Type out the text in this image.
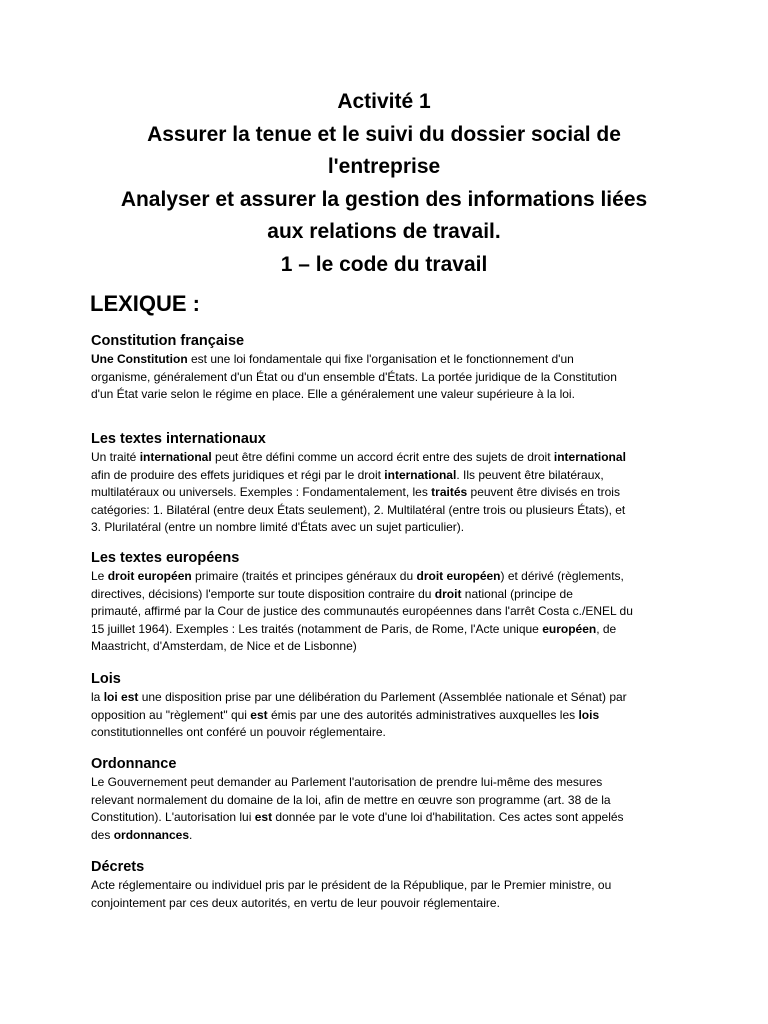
Activité 1
Assurer la tenue et le suivi du dossier social de
l'entreprise
Analyser et assurer la gestion des informations liées
aux relations de travail.
1 – le code du travail
LEXIQUE :
Constitution française

Une Constitution est une loi fondamentale qui fixe l'organisation et le fonctionnement d'un
organisme, généralement d'un État ou d'un ensemble d'États. La portée juridique de la Constitution
d'un État varie selon le régime en place. Elle a généralement une valeur supérieure à la loi.

Les textes internationaux

Un traité international peut être défini comme un accord écrit entre des sujets de droit international
afin de produire des effets juridiques et régi par le droit international. Ils peuvent être bilatéraux,
multilatéraux ou universels. Exemples : Fondamentalement, les traités peuvent être divisés en trois
catégories: 1. Bilatéral (entre deux États seulement), 2. Multilatéral (entre trois ou plusieurs États), et
3. Plurilatéral (entre un nombre limité d'États avec un sujet particulier).

Les textes européens

Le droit européen primaire (traités et principes généraux du droit européen) et dérivé (règlements,
directives, décisions) l'emporte sur toute disposition contraire du droit national (principe de
primauté, affirmé par la Cour de justice des communautés européennes dans l'arrêt Costa c./ENEL du
15 juillet 1964). Exemples : Les traités (notamment de Paris, de Rome, l'Acte unique européen, de
Maastricht, d'Amsterdam, de Nice et de Lisbonne)

Lois

la loi est une disposition prise par une délibération du Parlement (Assemblée nationale et Sénat) par
opposition au "règlement" qui est émis par une des autorités administratives auxquelles les lois
constitutionnelles ont conféré un pouvoir réglementaire.

Ordonnance

Le Gouvernement peut demander au Parlement l'autorisation de prendre lui-même des mesures
relevant normalement du domaine de la loi, afin de mettre en œuvre son programme (art. 38 de la
Constitution). L'autorisation lui est donnée par le vote d'une loi d'habilitation. Ces actes sont appelés
des ordonnances.

Décrets

Acte réglementaire ou individuel pris par le président de la République, par le Premier ministre, ou
conjointement par ces deux autorités, en vertu de leur pouvoir réglementaire.
